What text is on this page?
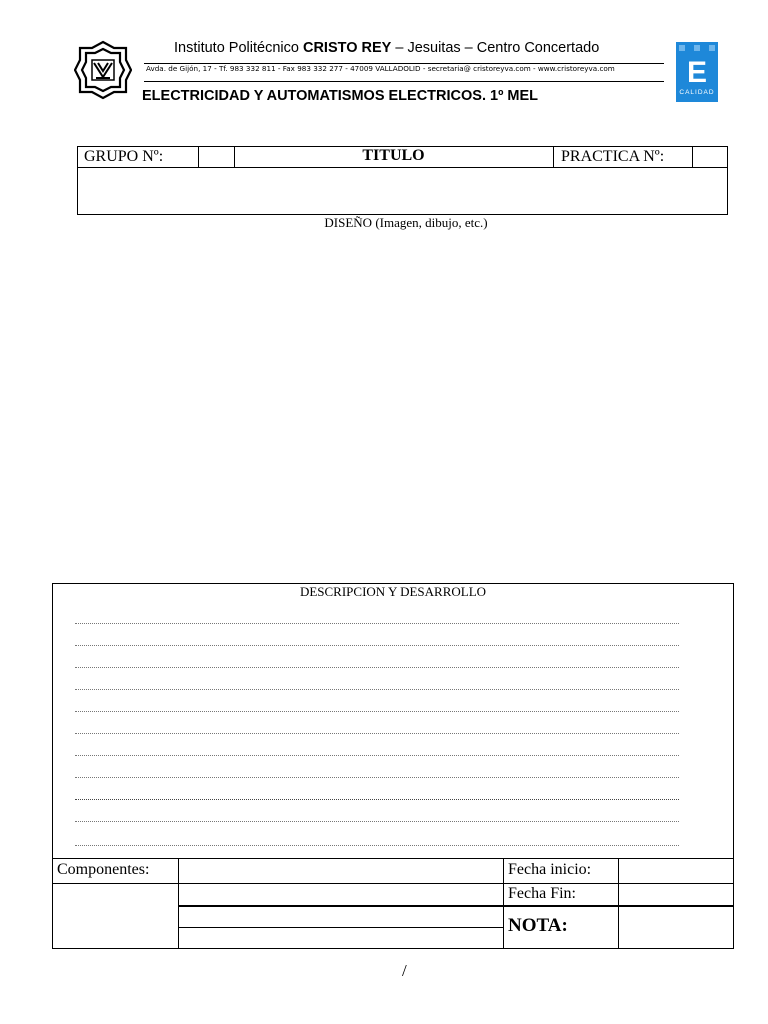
Instituto Politécnico CRISTO REY – Jesuitas – Centro Concertado
Avda. de Gijón, 17 - Tf. 983 332 811 - Fax 983 332 277 - 47009 VALLADOLID - secretaria@ cristoreyva.com - www.cristoreyva.com
ELECTRICIDAD Y AUTOMATISMOS ELECTRICOS. 1º MEL
E
CALIDAD
GRUPO Nº:	TITULO	PRACTICA Nº:
DISEÑO (Imagen, dibujo, etc.)
DESCRIPCION Y DESARROLLO
Componentes:	Fecha inicio:
Fecha Fin:
NOTA:
/
